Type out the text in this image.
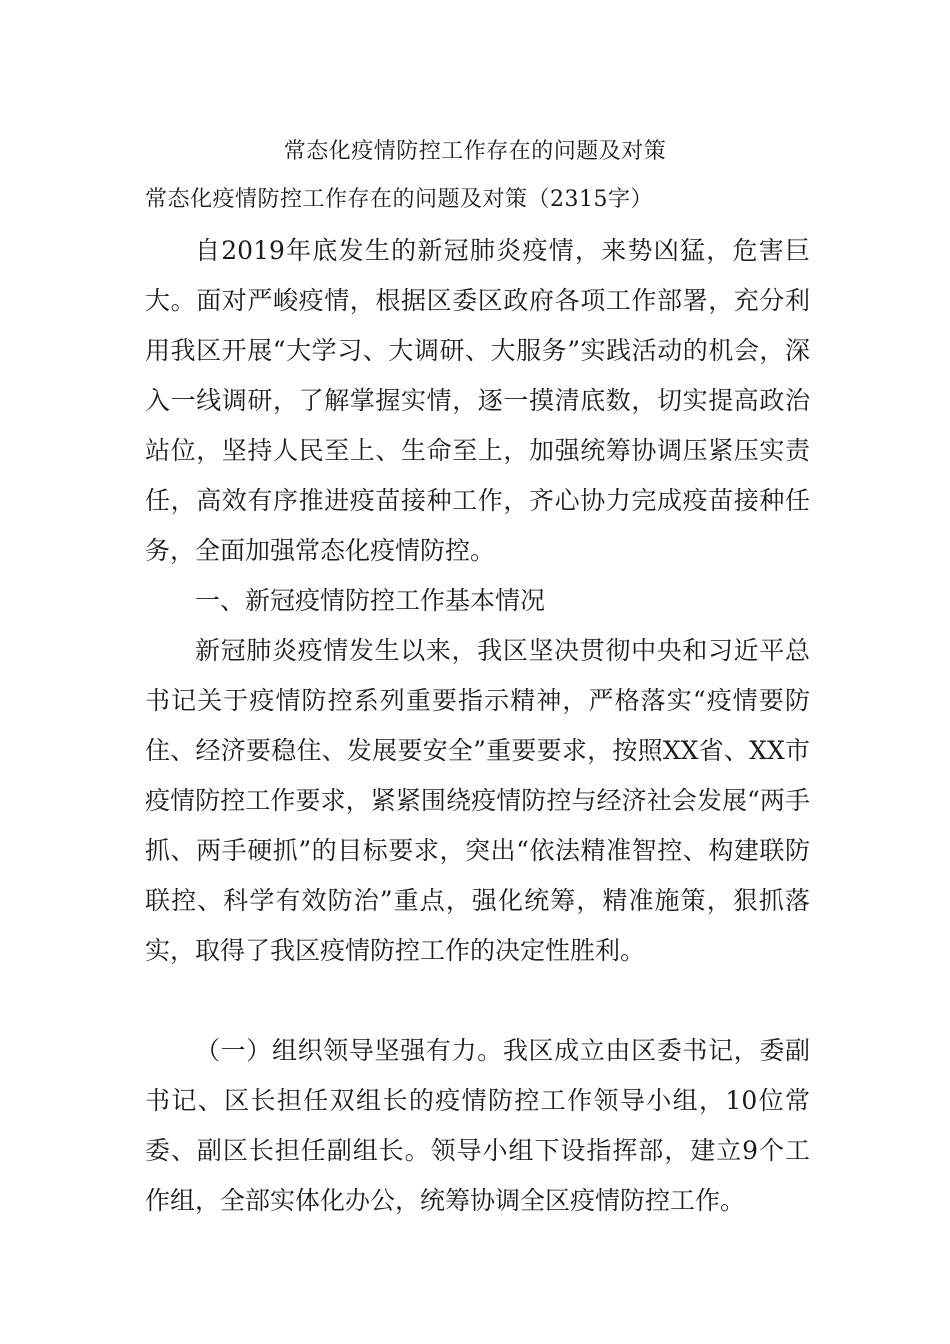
常态化疫情防控工作存在的问题及对策
常态化疫情防控工作存在的问题及对策（2315字）

自2019年底发生的新冠肺炎疫情，来势凶猛，危害巨大。面对严峻疫情，根据区委区政府各项工作部署，充分利用我区开展“大学习、大调研、大服务”实践活动的机会，深入一线调研，了解掌握实情，逐一摸清底数，切实提高政治站位，坚持人民至上、生命至上，加强统筹协调压紧压实责任，高效有序推进疫苗接种工作，齐心协力完成疫苗接种任务，全面加强常态化疫情防控。

一、新冠疫情防控工作基本情况

新冠肺炎疫情发生以来，我区坚决贯彻中央和习近平总书记关于疫情防控系列重要指示精神，严格落实“疫情要防住、经济要稳住、发展要安全”重要要求，按照XX省、XX市疫情防控工作要求，紧紧围绕疫情防控与经济社会发展“两手抓、两手硬抓”的目标要求，突出“依法精准智控、构建联防联控、科学有效防治”重点，强化统筹，精准施策，狠抓落实，取得了我区疫情防控工作的决定性胜利。

（一）组织领导坚强有力。我区成立由区委书记，委副书记、区长担任双组长的疫情防控工作领导小组，10位常委、副区长担任副组长。领导小组下设指挥部，建立9个工作组，全部实体化办公，统筹协调全区疫情防控工作。
